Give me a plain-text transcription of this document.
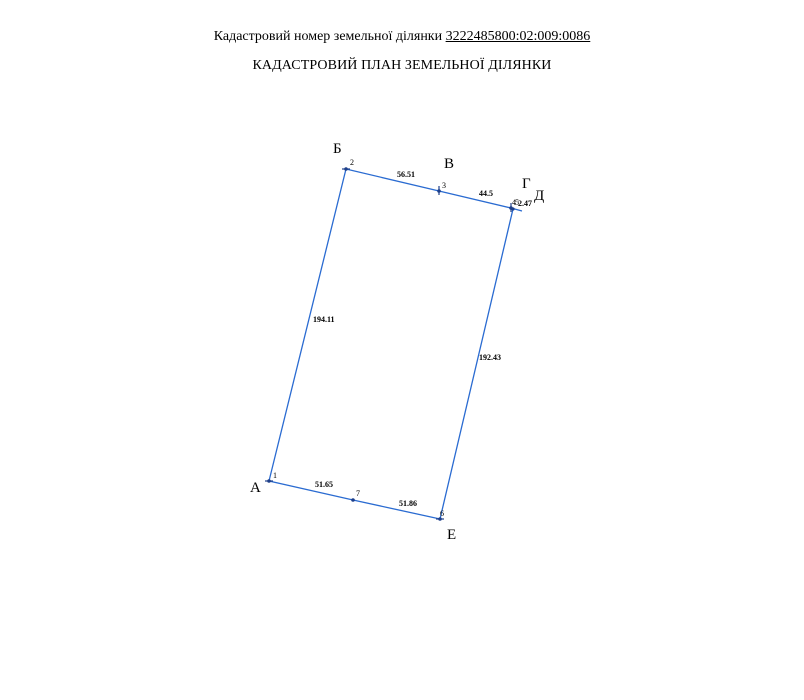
Кадастровий номер земельної ділянки 3222485800:02:009:0086
КАДАСТРОВИЙ ПЛАН ЗЕМЕЛЬНОЇ ДІЛЯНКИ
1
2
3
4 5
6
7
56.51
44.5
2.47
192.43
194.11
51.65
51.86
А
Б
В
Г
Д
Е
